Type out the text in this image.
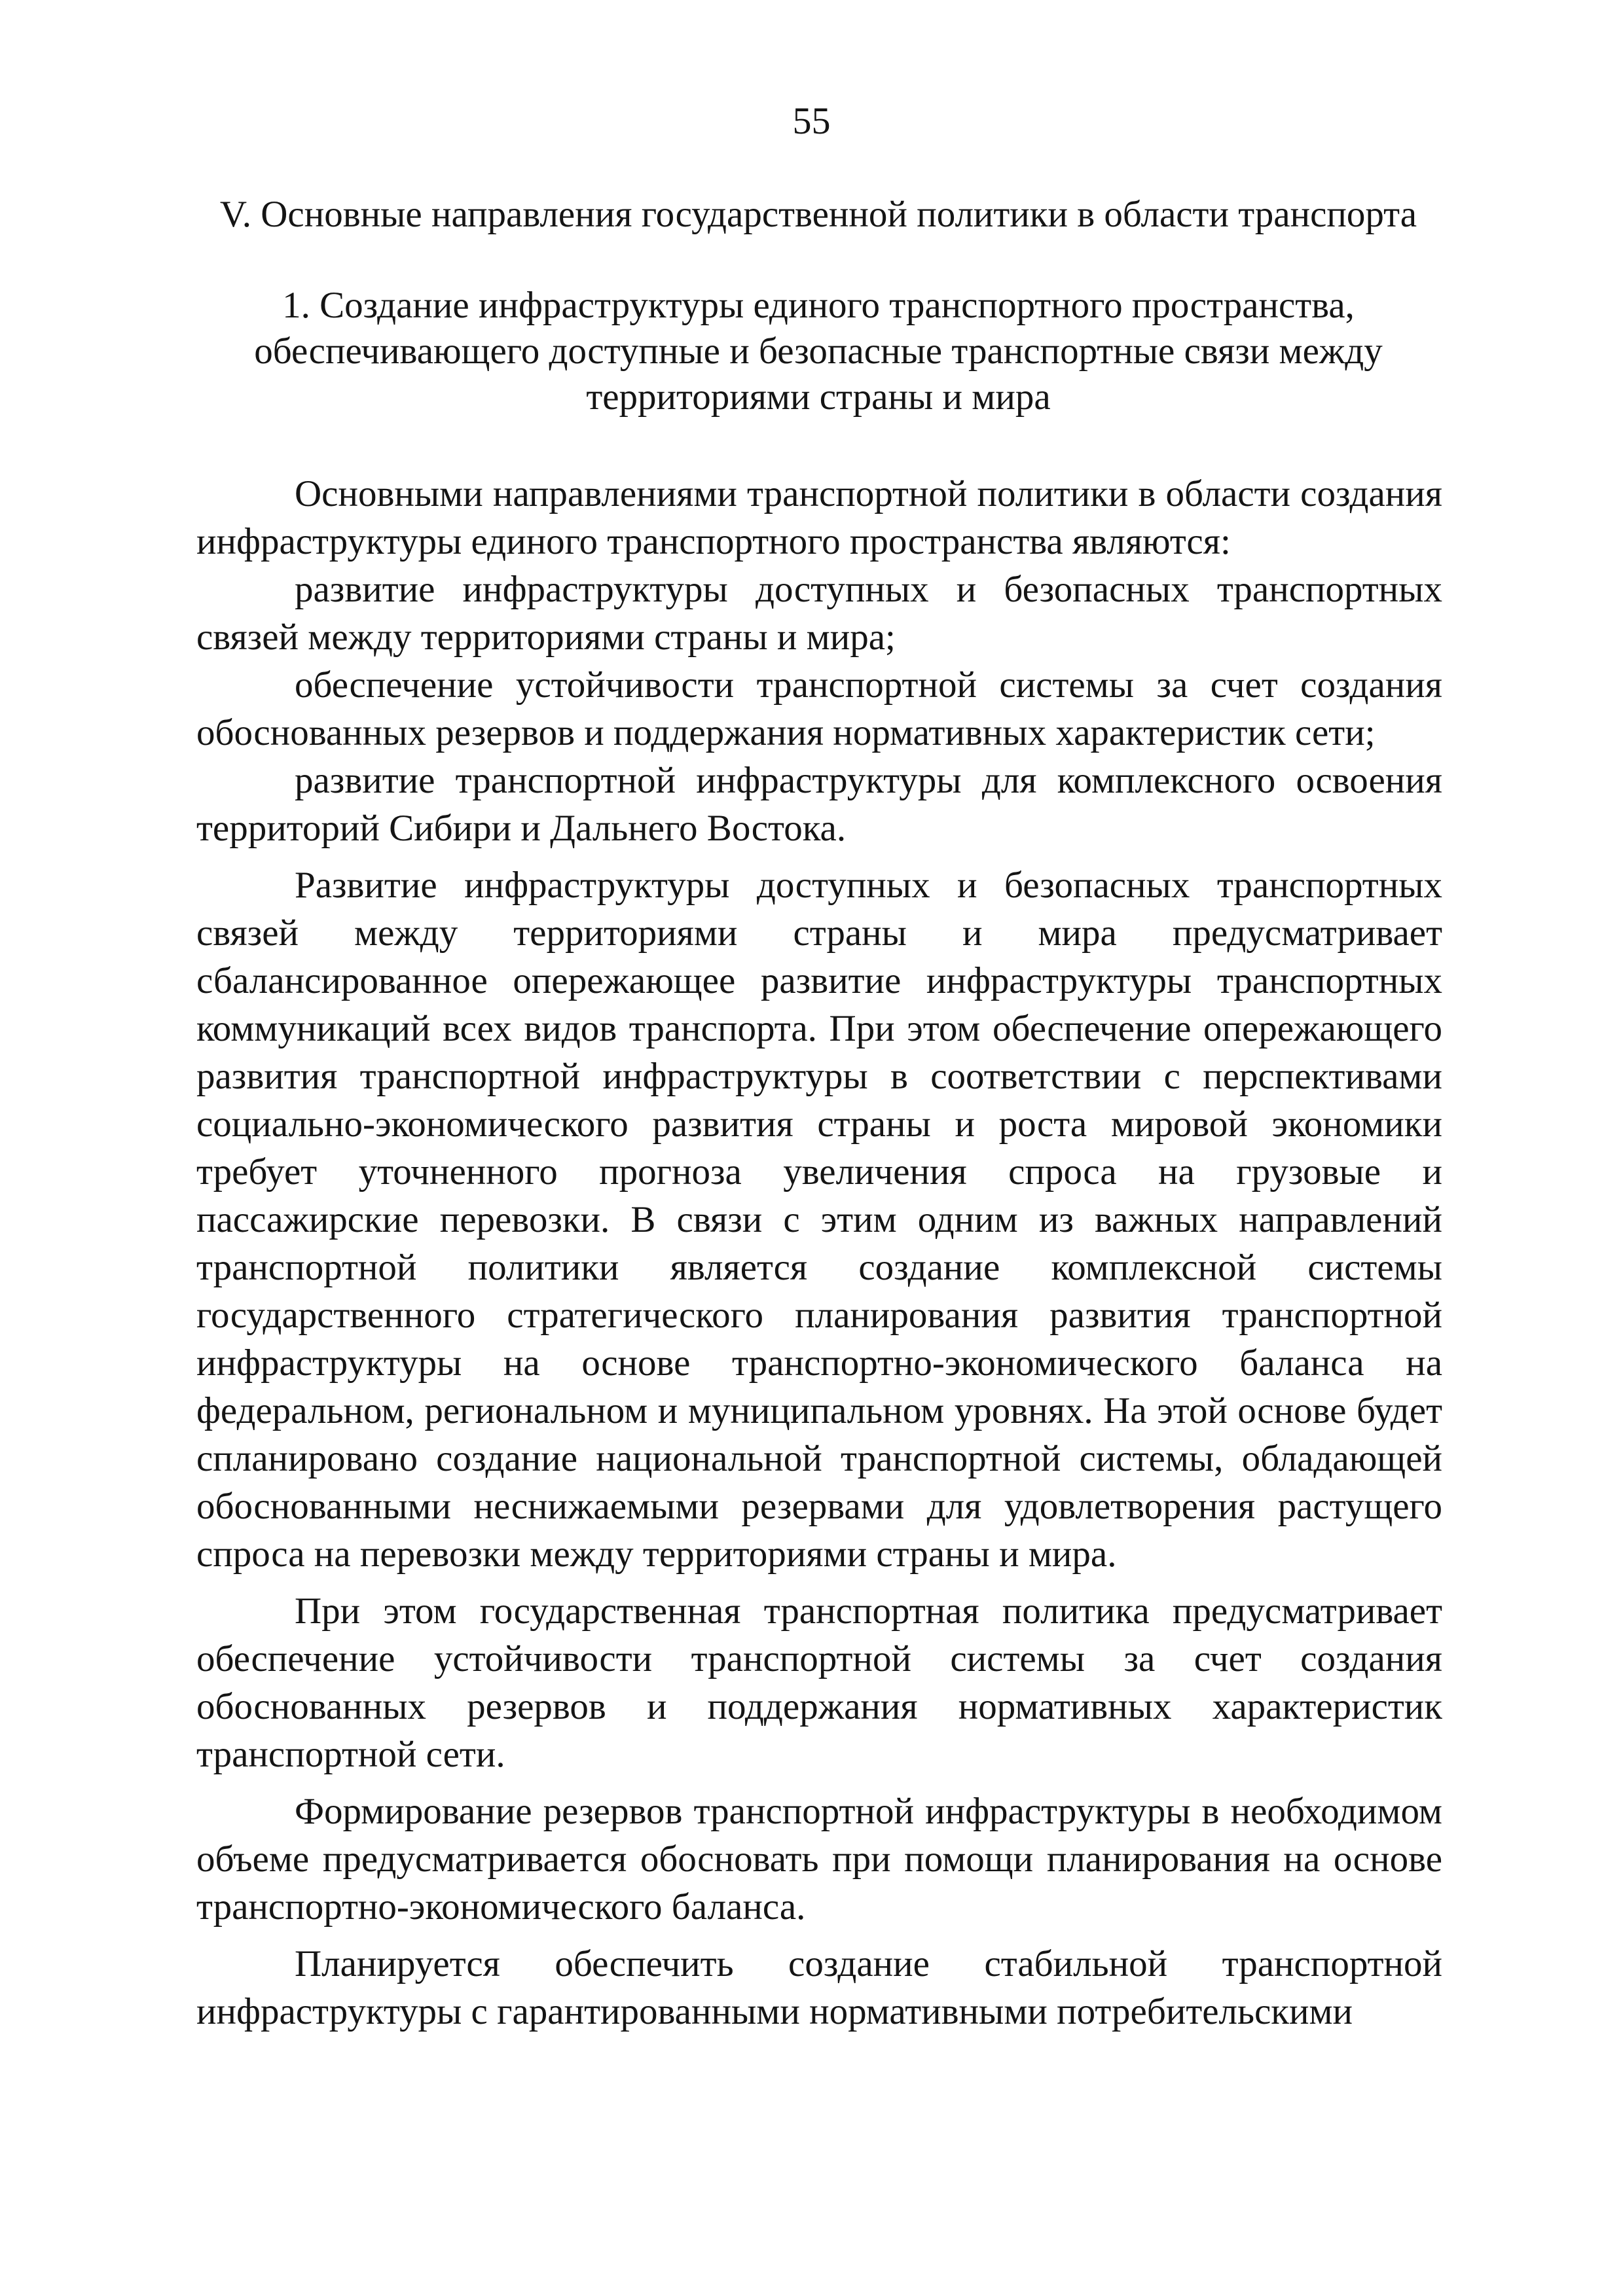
55
V. Основные направления государственной политики в области транспорта
1. Создание инфраструктуры единого транспортного пространства,
обеспечивающего доступные и безопасные транспортные связи между
территориями страны и мира

Основными направлениями транспортной политики в области создания инфраструктуры единого транспортного пространства являются:

развитие инфраструктуры доступных и безопасных транспортных связей между территориями страны и мира;

обеспечение устойчивости транспортной системы за счет создания обоснованных резервов и поддержания нормативных характеристик сети;

развитие транспортной инфраструктуры для комплексного освоения территорий Сибири и Дальнего Востока.

Развитие инфраструктуры доступных и безопасных транспортных связей между территориями страны и мира предусматривает сбалансированное опережающее развитие инфраструктуры транспортных коммуникаций всех видов транспорта. При этом обеспечение опережающего развития транспортной инфраструктуры в соответствии с перспективами социально-экономического развития страны и роста мировой экономики требует уточненного прогноза увеличения спроса на грузовые и пассажирские перевозки. В связи с этим одним из важных направлений транспортной политики является создание комплексной системы государственного стратегического планирования развития транспортной инфраструктуры на основе транспортно-экономического баланса на федеральном, региональном и муниципальном уровнях. На этой основе будет спланировано создание национальной транспортной системы, обладающей обоснованными неснижаемыми резервами для удовлетворения растущего спроса на перевозки между территориями страны и мира.

При этом государственная транспортная политика предусматривает обеспечение устойчивости транспортной системы за счет создания обоснованных резервов и поддержания нормативных характеристик транспортной сети.

Формирование резервов транспортной инфраструктуры в необходимом объеме предусматривается обосновать при помощи планирования на основе транспортно-экономического баланса.

Планируется обеспечить создание стабильной транспортной инфраструктуры с гарантированными нормативными потребительскими
